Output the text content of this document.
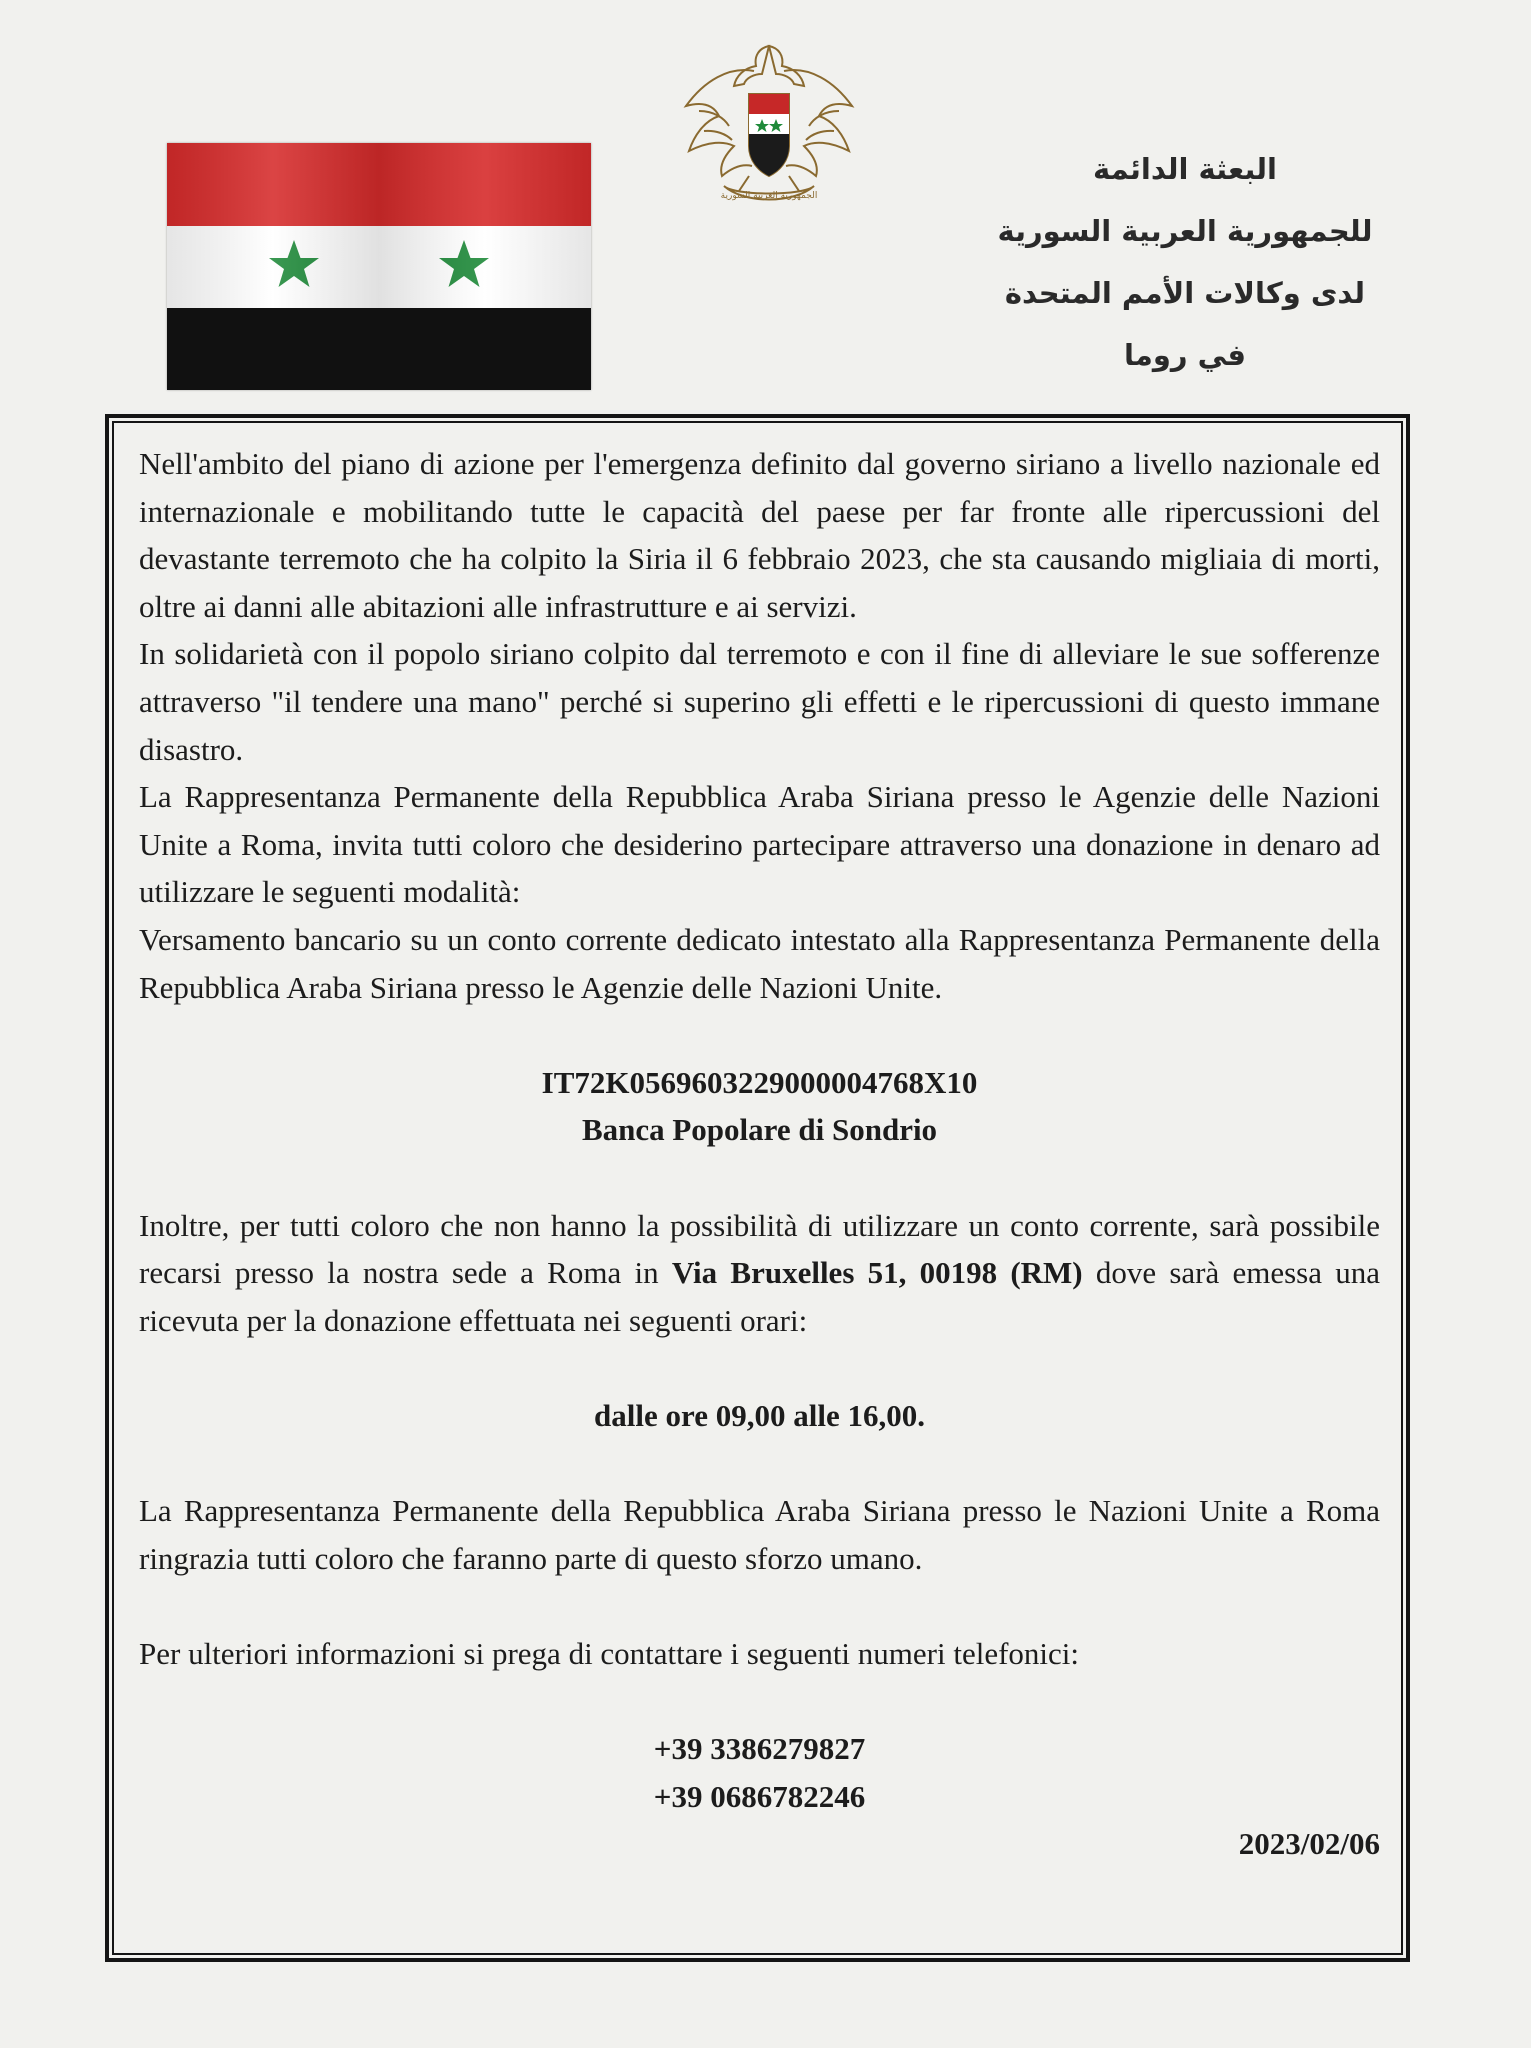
الجمهورية العربية السورية
البعثة الدائمة
للجمهورية العربية السورية
لدى وكالات الأمم المتحدة
في روما

Nell'ambito del piano di azione per l'emergenza definito dal governo siriano a livello nazionale ed internazionale e mobilitando tutte le capacità del paese per far fronte alle ripercussioni del devastante terremoto che ha colpito la Siria il 6 febbraio 2023, che sta causando migliaia di morti, oltre ai danni alle abitazioni alle infrastrutture e ai servizi.

In solidarietà con il popolo siriano colpito dal terremoto e con il fine di alleviare le sue sofferenze attraverso "il tendere una mano" perché si superino gli effetti e le ripercussioni di questo immane disastro.

La Rappresentanza Permanente della Repubblica Araba Siriana presso le Agenzie delle Nazioni Unite a Roma, invita tutti coloro che desiderino partecipare attraverso una donazione in denaro ad utilizzare le seguenti modalità:

Versamento bancario su un conto corrente dedicato intestato alla Rappresentanza Permanente della Repubblica Araba Siriana presso le Agenzie delle Nazioni Unite.

IT72K0569603229000004768X10

Banca Popolare di Sondrio

Inoltre, per tutti coloro che non hanno la possibilità di utilizzare un conto corrente, sarà possibile recarsi presso la nostra sede a Roma in Via Bruxelles 51, 00198 (RM) dove sarà emessa una ricevuta per la donazione effettuata nei seguenti orari:

dalle ore 09,00 alle 16,00.

La Rappresentanza Permanente della Repubblica Araba Siriana presso le Nazioni Unite a Roma ringrazia tutti coloro che faranno parte di questo sforzo umano.

Per ulteriori informazioni si prega di contattare i seguenti numeri telefonici:

+39 3386279827

+39 0686782246

2023/02/06
